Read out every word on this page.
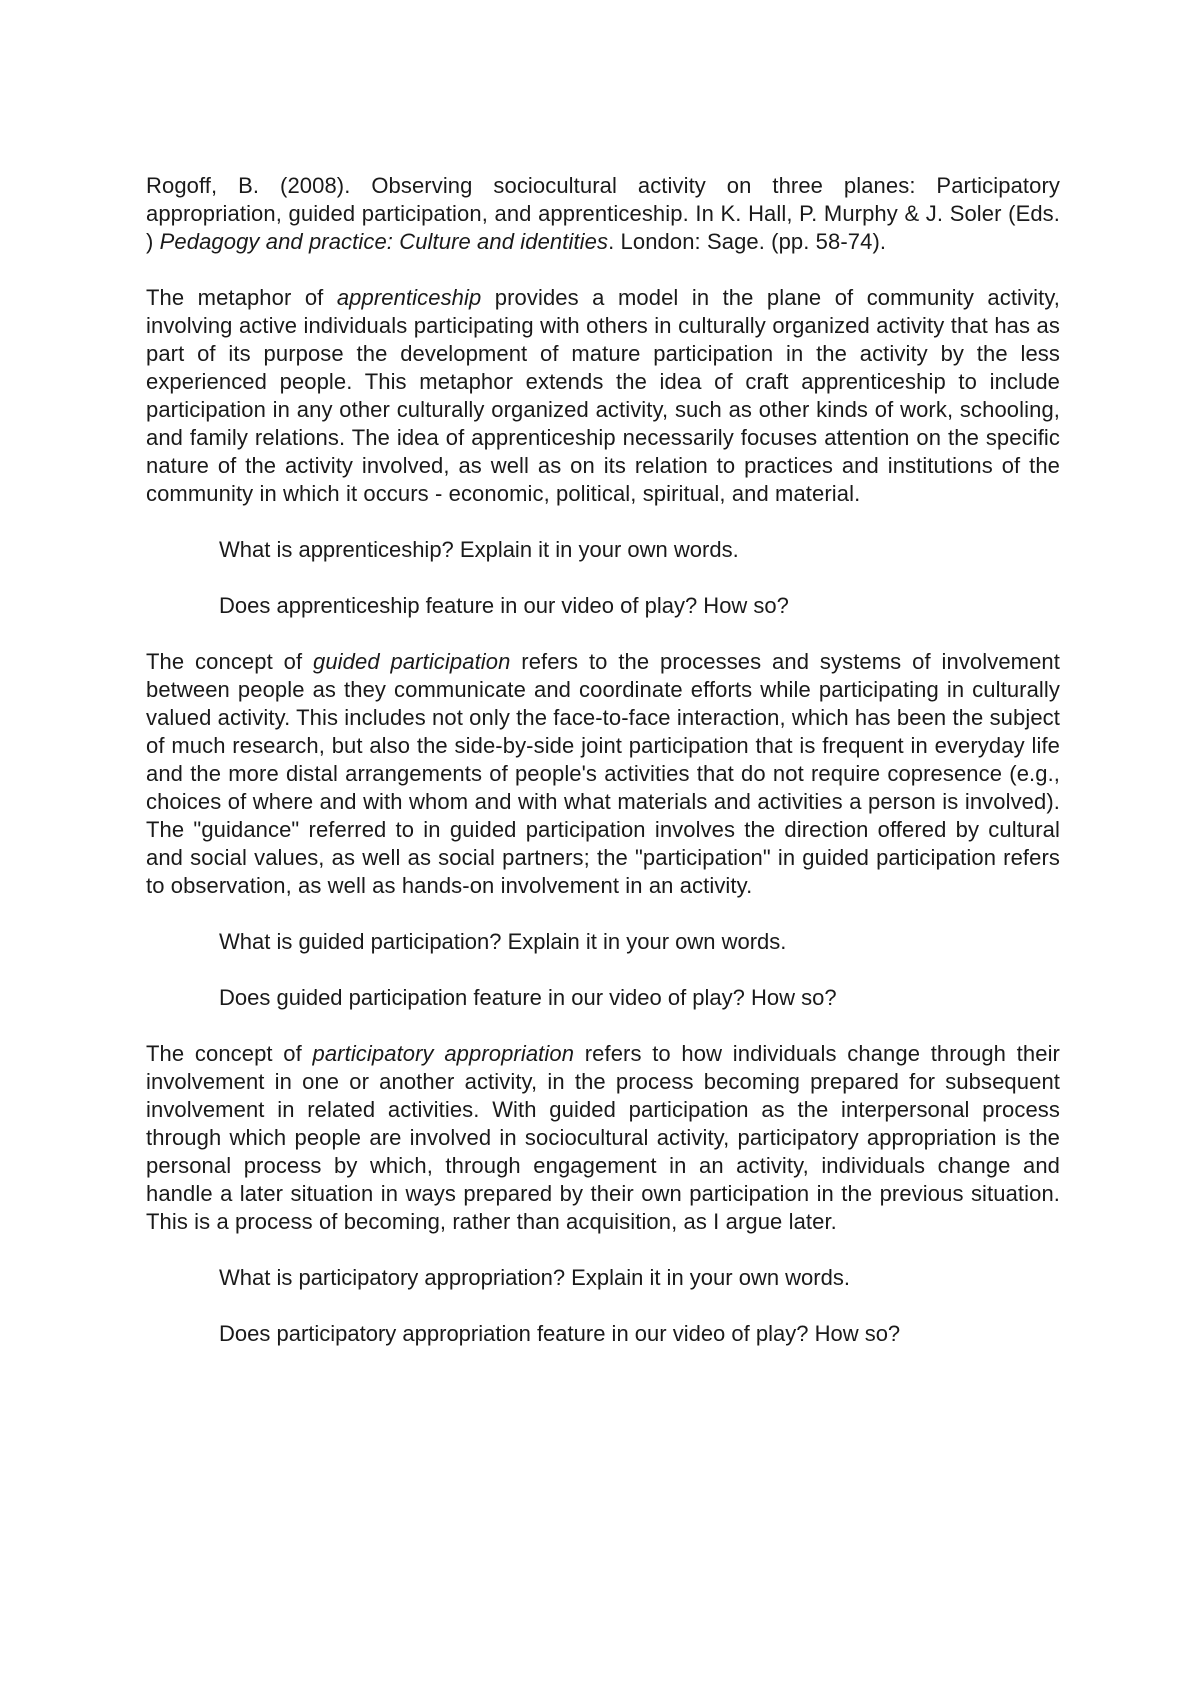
Rogoff, B. (2008). Observing sociocultural activity on three planes: Participatory appropriation, guided participation, and apprenticeship. In K. Hall, P. Murphy & J. Soler (Eds. ) Pedagogy and practice: Culture and identities. London: Sage. (pp. 58-74).

The metaphor of apprenticeship provides a model in the plane of community activity, involving active individuals participating with others in culturally organized activity that has as part of its purpose the development of mature participation in the activity by the less experienced people. This metaphor extends the idea of craft apprenticeship to include participation in any other culturally organized activity, such as other kinds of work, schooling, and family relations. The idea of apprenticeship necessarily focuses attention on the specific nature of the activity involved, as well as on its relation to practices and institutions of the community in which it occurs - economic, political, spiritual, and material.

What is apprenticeship? Explain it in your own words.

Does apprenticeship feature in our video of play? How so?

The concept of guided participation refers to the processes and systems of involvement between people as they communicate and coordinate efforts while participating in culturally valued activity. This includes not only the face-to-face interaction, which has been the subject of much research, but also the side-by-side joint participation that is frequent in everyday life and the more distal arrangements of people's activities that do not require copresence (e.g., choices of where and with whom and with what materials and activities a person is involved). The "guidance" referred to in guided participation involves the direction offered by cultural and social values, as well as social partners; the "participation" in guided participation refers to observation, as well as hands-on involvement in an activity.

What is guided participation? Explain it in your own words.

Does guided participation feature in our video of play? How so?

The concept of participatory appropriation refers to how individuals change through their involvement in one or another activity, in the process becoming prepared for subsequent involvement in related activities. With guided participation as the interpersonal process through which people are involved in sociocultural activity, participatory appropriation is the personal process by which, through engagement in an activity, individuals change and handle a later situation in ways prepared by their own participation in the previous situation. This is a process of becoming, rather than acquisition, as I argue later.

What is participatory appropriation? Explain it in your own words.

Does participatory appropriation feature in our video of play? How so?
